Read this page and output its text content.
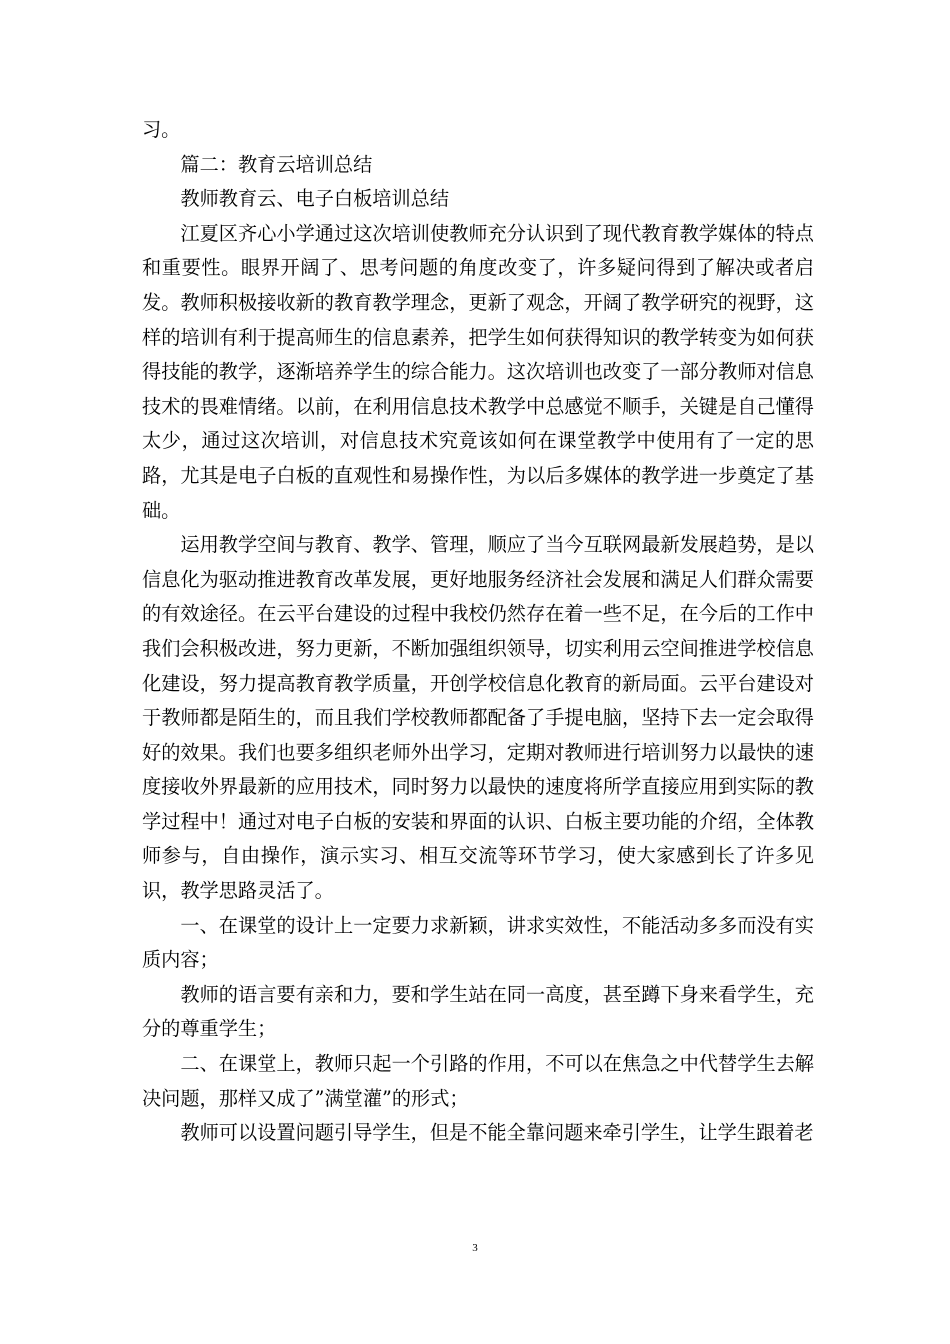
习。

篇二：教育云培训总结

教师教育云、电子白板培训总结

江夏区齐心小学通过这次培训使教师充分认识到了现代教育教学媒体的特点和重要性。眼界开阔了、思考问题的角度改变了，许多疑问得到了解决或者启发。教师积极接收新的教育教学理念，更新了观念，开阔了教学研究的视野，这样的培训有利于提高师生的信息素养，把学生如何获得知识的教学转变为如何获得技能的教学，逐渐培养学生的综合能力。这次培训也改变了一部分教师对信息技术的畏难情绪。以前，在利用信息技术教学中总感觉不顺手，关键是自己懂得太少，通过这次培训，对信息技术究竟该如何在课堂教学中使用有了一定的思路，尤其是电子白板的直观性和易操作性，为以后多媒体的教学进一步奠定了基础。

运用教学空间与教育、教学、管理，顺应了当今互联网最新发展趋势，是以信息化为驱动推进教育改革发展，更好地服务经济社会发展和满足人们群众需要的有效途径。在云平台建设的过程中我校仍然存在着一些不足，在今后的工作中我们会积极改进，努力更新，不断加强组织领导，切实利用云空间推进学校信息化建设，努力提高教育教学质量，开创学校信息化教育的新局面。云平台建设对于教师都是陌生的，而且我们学校教师都配备了手提电脑，坚持下去一定会取得好的效果。我们也要多组织老师外出学习，定期对教师进行培训努力以最快的速度接收外界最新的应用技术，同时努力以最快的速度将所学直接应用到实际的教学过程中！通过对电子白板的安装和界面的认识、白板主要功能的介绍，全体教师参与，自由操作，演示实习、相互交流等环节学习，使大家感到长了许多见识，教学思路灵活了。

一、在课堂的设计上一定要力求新颖，讲求实效性，不能活动多多而没有实质内容；

教师的语言要有亲和力，要和学生站在同一高度，甚至蹲下身来看学生，充分的尊重学生；

二、在课堂上，教师只起一个引路的作用，不可以在焦急之中代替学生去解决问题，那样又成了”满堂灌”的形式；

教师可以设置问题引导学生，但是不能全靠问题来牵引学生，让学生跟着老

3
